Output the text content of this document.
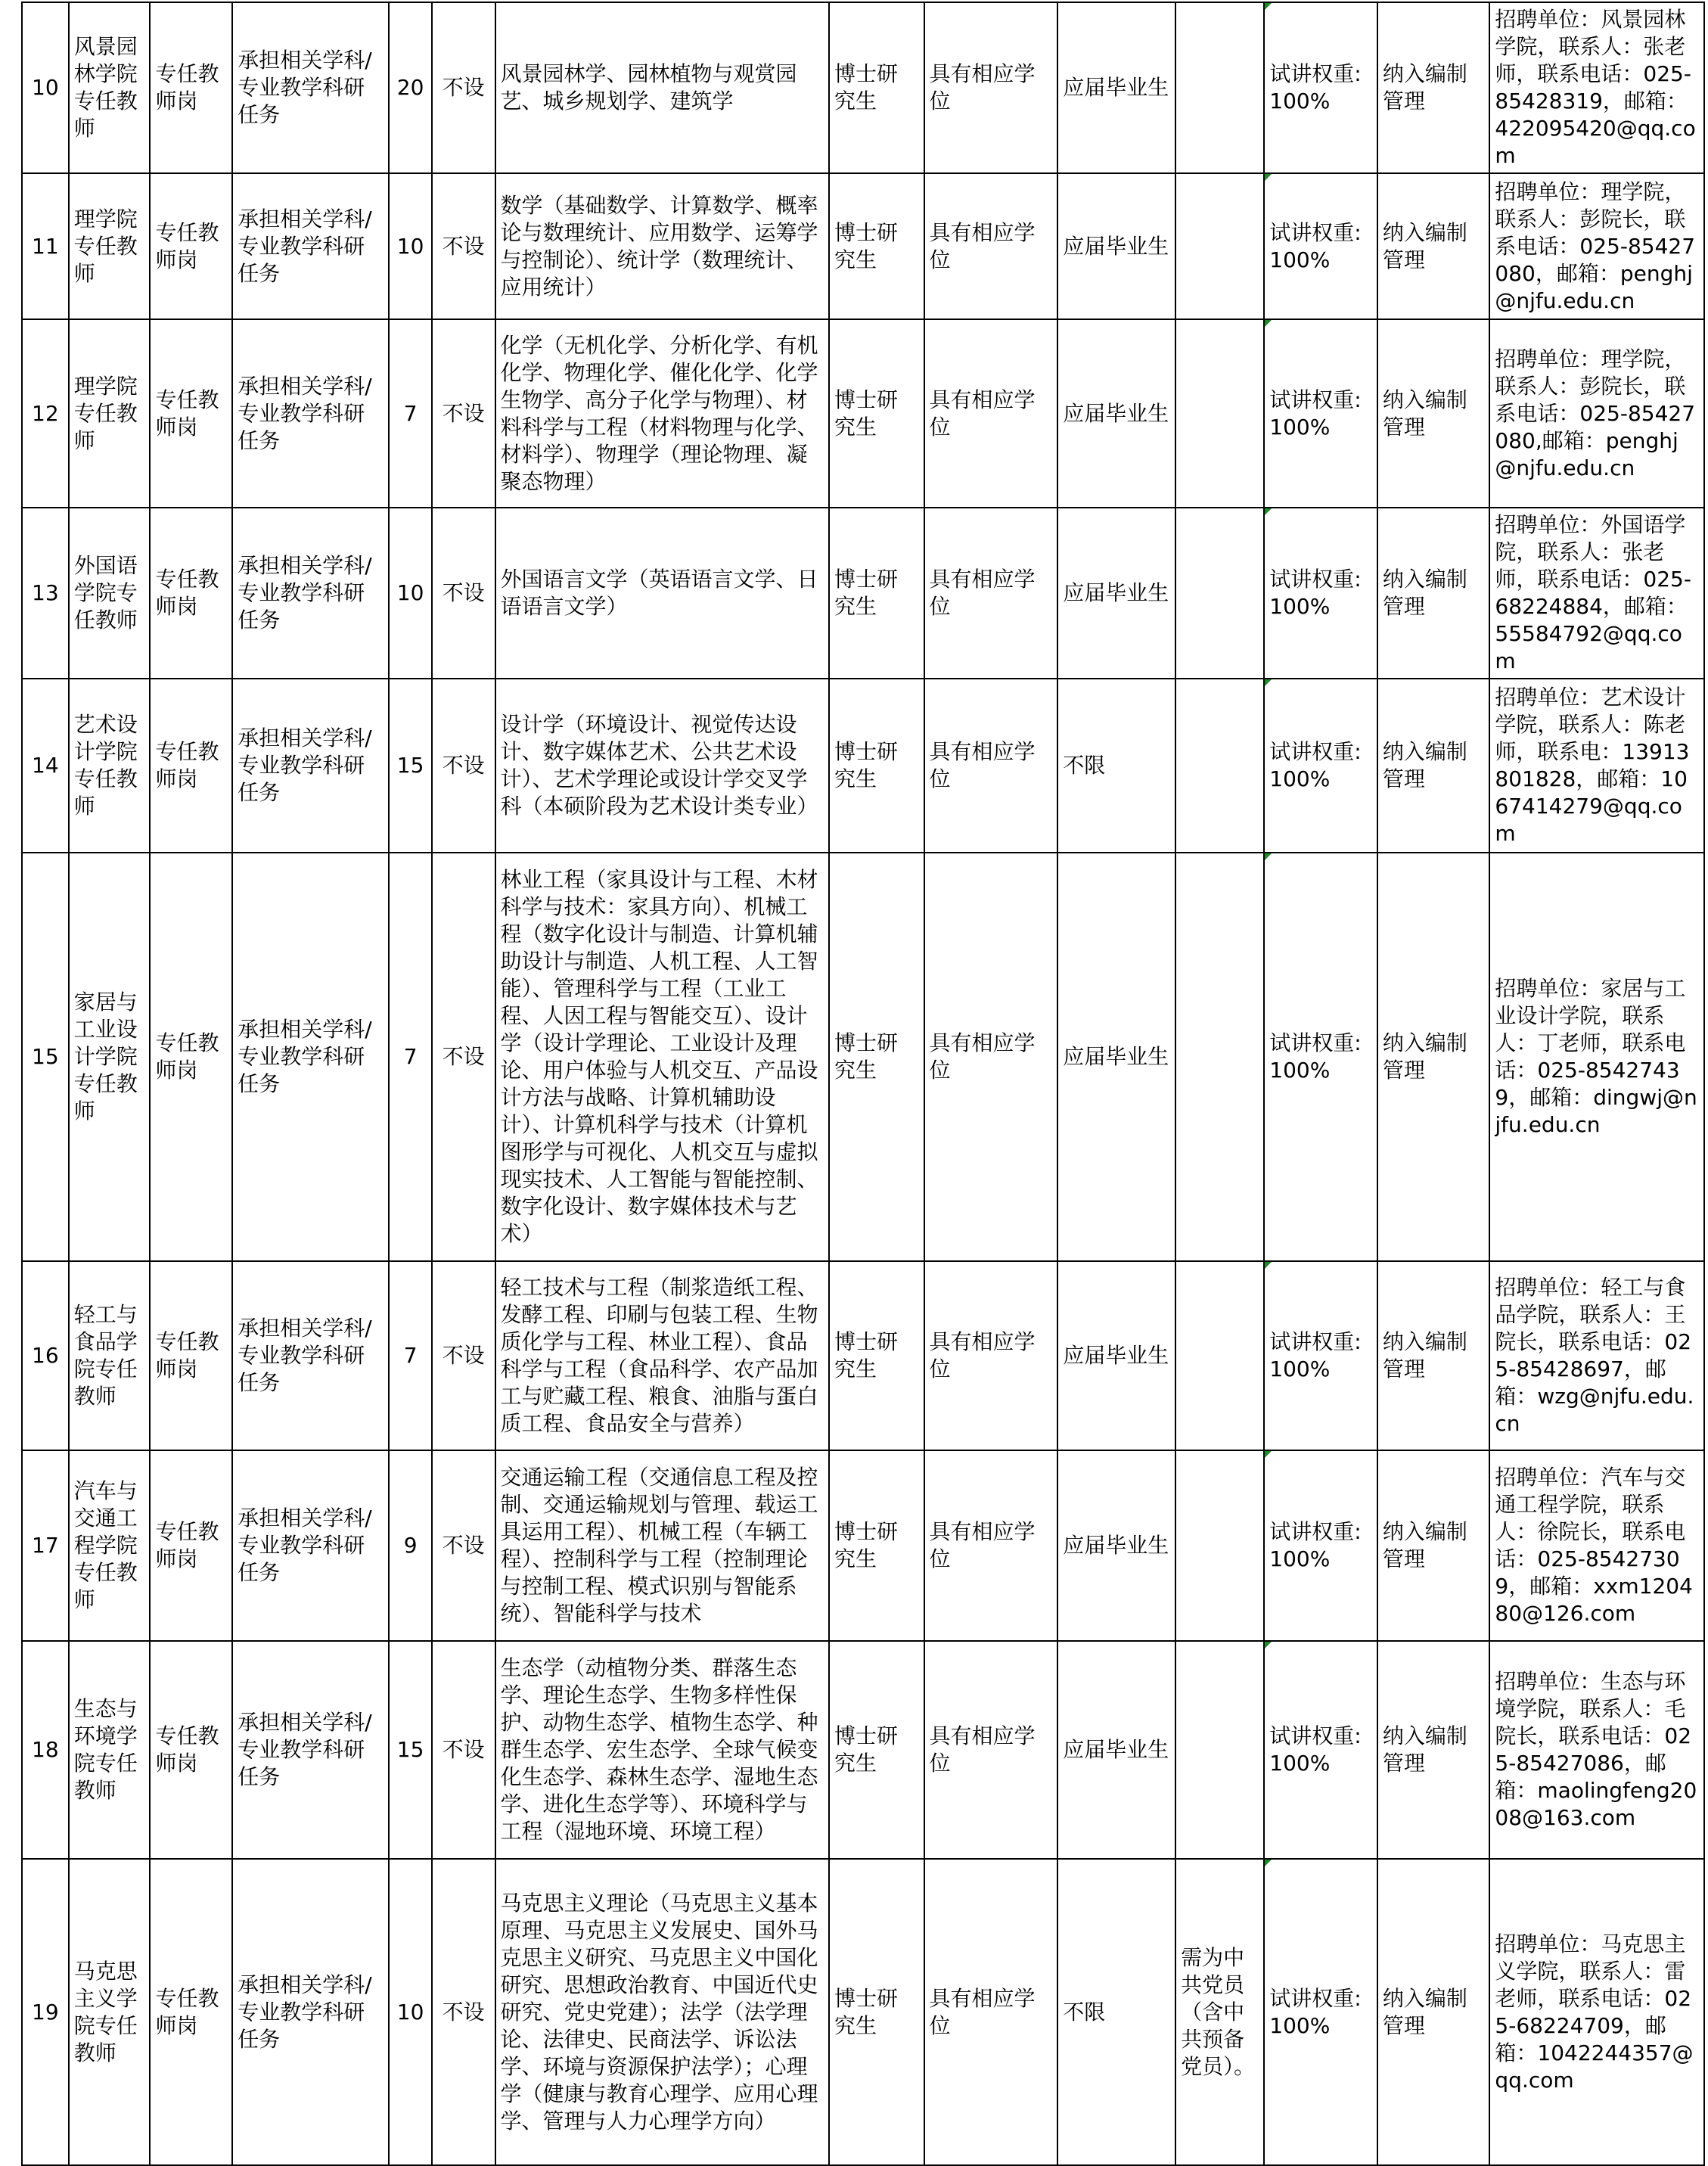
10	风景园林学院专任教师	专任教师岗	承担相关学科/专业教学科研任务	20	不设	风景园林学、园林植物与观赏园艺、城乡规划学、建筑学	博士研究生	具有相应学位	应届毕业生		试讲权重:100%	纳入编制管理	招聘单位：风景园林学院，联系人：张老师，联系电话：025-85428319，邮箱：422095420@qq.com
11	理学院专任教师	专任教师岗	承担相关学科/专业教学科研任务	10	不设	数学（基础数学、计算数学、概率论与数理统计、应用数学、运筹学与控制论）、统计学（数理统计、应用统计）	博士研究生	具有相应学位	应届毕业生		试讲权重:100%	纳入编制管理	招聘单位：理学院，联系人：彭院长，联系电话：025-85427080，邮箱：penghj@njfu.edu.cn
12	理学院专任教师	专任教师岗	承担相关学科/专业教学科研任务	7	不设	化学（无机化学、分析化学、有机化学、物理化学、催化化学、化学生物学、高分子化学与物理）、材料科学与工程（材料物理与化学、材料学）、物理学（理论物理、凝聚态物理）	博士研究生	具有相应学位	应届毕业生		试讲权重:100%	纳入编制管理	招聘单位：理学院，联系人：彭院长，联系电话：025-85427080,邮箱：penghj@njfu.edu.cn
13	外国语学院专任教师	专任教师岗	承担相关学科/专业教学科研任务	10	不设	外国语言文学（英语语言文学、日语语言文学）	博士研究生	具有相应学位	应届毕业生		试讲权重:100%	纳入编制管理	招聘单位：外国语学院，联系人：张老师，联系电话：025-68224884，邮箱：55584792@qq.com
14	艺术设计学院专任教师	专任教师岗	承担相关学科/专业教学科研任务	15	不设	设计学（环境设计、视觉传达设计、数字媒体艺术、公共艺术设计）、艺术学理论或设计学交叉学科（本硕阶段为艺术设计类专业）	博士研究生	具有相应学位	不限		试讲权重:100%	纳入编制管理	招聘单位：艺术设计学院，联系人：陈老师，联系电：13913801828，邮箱：1067414279@qq.com
15	家居与工业设计学院专任教师	专任教师岗	承担相关学科/专业教学科研任务	7	不设	林业工程（家具设计与工程、木材科学与技术：家具方向）、机械工程（数字化设计与制造、计算机辅助设计与制造、人机工程、人工智能）、管理科学与工程（工业工程、人因工程与智能交互）、设计学（设计学理论、工业设计及理论、用户体验与人机交互、产品设计方法与战略、计算机辅助设计）、计算机科学与技术（计算机图形学与可视化、人机交互与虚拟现实技术、人工智能与智能控制、数字化设计、数字媒体技术与艺术）	博士研究生	具有相应学位	应届毕业生		试讲权重:100%	纳入编制管理	招聘单位：家居与工业设计学院，联系人：丁老师，联系电话：025-85427439，邮箱：dingwj@njfu.edu.cn
16	轻工与食品学院专任教师	专任教师岗	承担相关学科/专业教学科研任务	7	不设	轻工技术与工程（制浆造纸工程、发酵工程、印刷与包装工程、生物质化学与工程、林业工程）、食品科学与工程（食品科学、农产品加工与贮藏工程、粮食、油脂与蛋白质工程、食品安全与营养）	博士研究生	具有相应学位	应届毕业生		试讲权重:100%	纳入编制管理	招聘单位：轻工与食品学院，联系人：王院长，联系电话：025-85428697，邮箱：wzg@njfu.edu.cn
17	汽车与交通工程学院专任教师	专任教师岗	承担相关学科/专业教学科研任务	9	不设	交通运输工程（交通信息工程及控制、交通运输规划与管理、载运工具运用工程）、机械工程（车辆工程）、控制科学与工程（控制理论与控制工程、模式识别与智能系统）、智能科学与技术	博士研究生	具有相应学位	应届毕业生		试讲权重:100%	纳入编制管理	招聘单位：汽车与交通工程学院，联系人：徐院长，联系电话：025-85427309，邮箱：xxm120480@126.com
18	生态与环境学院专任教师	专任教师岗	承担相关学科/专业教学科研任务	15	不设	生态学（动植物分类、群落生态学、理论生态学、生物多样性保护、动物生态学、植物生态学、种群生态学、宏生态学、全球气候变化生态学、森林生态学、湿地生态学、进化生态学等）、环境科学与工程（湿地环境、环境工程）	博士研究生	具有相应学位	应届毕业生		试讲权重:100%	纳入编制管理	招聘单位：生态与环境学院，联系人：毛院长，联系电话：025-85427086，邮箱：maolingfeng2008@163.com
19	马克思主义学院专任教师	专任教师岗	承担相关学科/专业教学科研任务	10	不设	马克思主义理论（马克思主义基本原理、马克思主义发展史、国外马克思主义研究、马克思主义中国化研究、思想政治教育、中国近代史研究、党史党建）；法学（法学理论、法律史、民商法学、诉讼法学、环境与资源保护法学）；心理学（健康与教育心理学、应用心理学、管理与人力心理学方向）	博士研究生	具有相应学位	不限	需为中共党员（含中共预备党员）。	试讲权重:100%	纳入编制管理	招聘单位：马克思主义学院，联系人：雷老师，联系电话：025-68224709，邮箱：1042244357@qq.com
